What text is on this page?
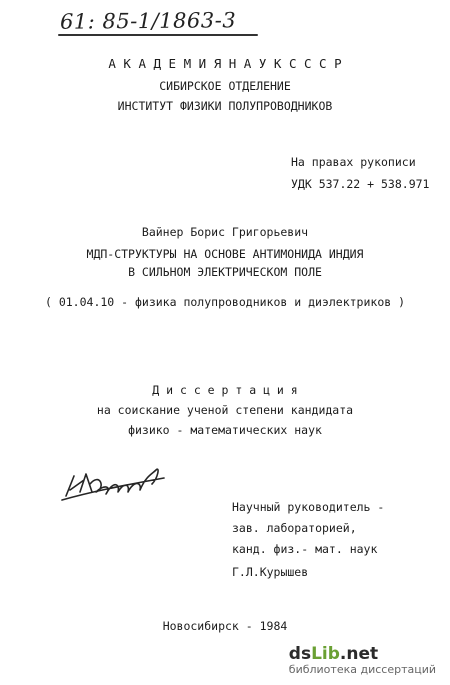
61: 85-1/1863-3
А К А Д Е М И Я Н А У К С С С Р
СИБИРСКОЕ ОТДЕЛЕНИЕ
ИНСТИТУТ ФИЗИКИ ПОЛУПРОВОДНИКОВ
На правах рукописи
УДК 537.22 + 538.971
Вайнер Борис Григорьевич
МДП-СТРУКТУРЫ НА ОСНОВЕ АНТИМОНИДА ИНДИЯ
В СИЛЬНОМ ЭЛЕКТРИЧЕСКОМ ПОЛЕ
( 01.04.10 - физика полупроводников и диэлектриков )
Д и с с е р т а ц и я
на соискание ученой степени кандидата
физико - математических наук
Научный руководитель -
зав. лабораторией,
канд. физ.- мат. наук
Г.Л.Курышев
Новосибирск - 1984
dsLib.net
библиотека диссертаций
